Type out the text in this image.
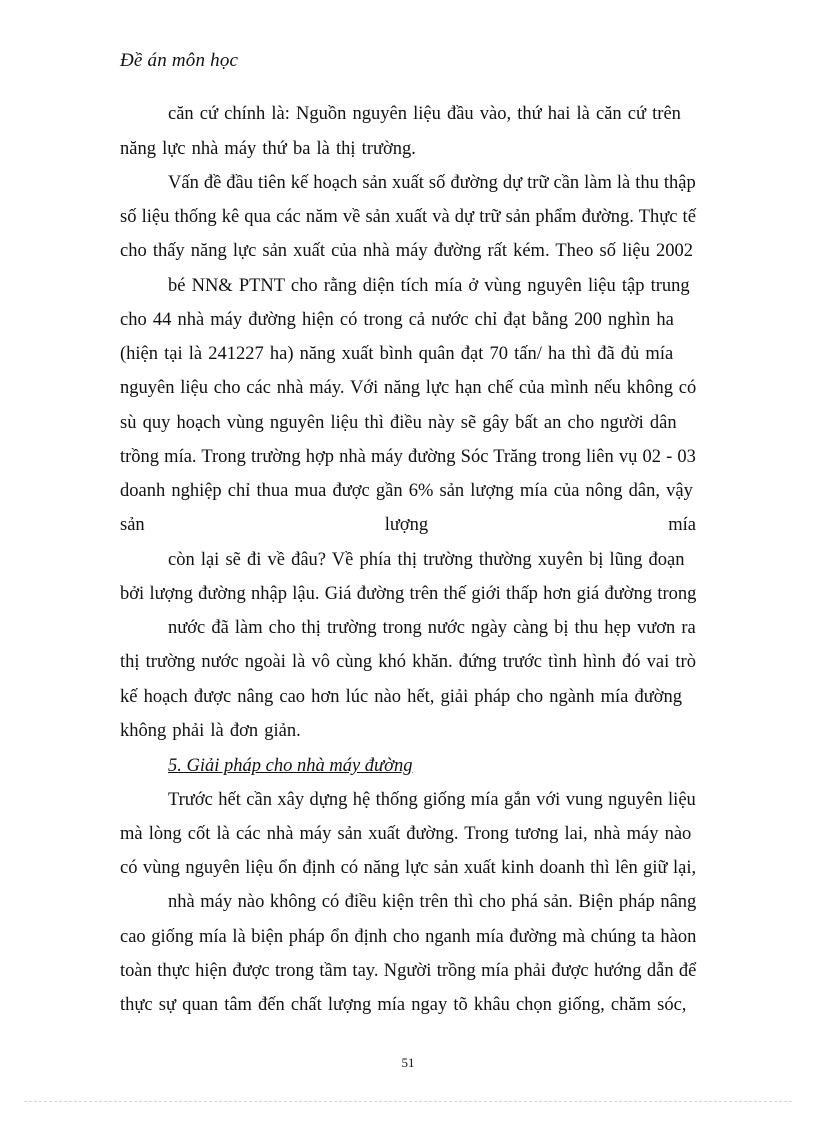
Đề án môn học
căn cứ chính là: Nguồn nguyên liệu đầu vào, thứ hai là căn cứ trên
năng lực nhà máy thứ ba là thị trường.
Vấn đề đầu tiên kế hoạch sản xuất số đường dự trữ cần làm là thu thập
số liệu thống kê qua các năm về sản xuất và dự trữ sản phẩm đường. Thực tế
cho thấy năng lực sản xuất của nhà máy đường rất kém. Theo số liệu 2002
bé NN& PTNT cho rằng diện tích mía ở vùng nguyên liệu tập trung
cho 44 nhà máy đường hiện có trong cả nước chỉ đạt bằng 200 nghìn ha
(hiện tại là 241227 ha) năng xuất bình quân đạt 70 tấn/ ha thì đã đủ mía
nguyên liệu cho các nhà máy. Với năng lực hạn chế của mình nếu không có
sù quy hoạch vùng nguyên liệu thì điều này sẽ gây bất an cho người dân
trồng mía. Trong trường hợp nhà máy đường Sóc Trăng trong liên vụ 02 - 03
doanh nghiệp chỉ thua mua được gần 6% sản lượng mía của nông dân, vậy
sản	lượng	mía
còn lại sẽ đi về đâu? Về phía thị trường thường xuyên bị lũng đoạn
bởi lượng đường nhập lậu. Giá đường trên thế giới thấp hơn giá đường trong
nước đã làm cho thị trường trong nước ngày càng bị thu hẹp vươn ra
thị trường nước ngoài là vô cùng khó khăn. đứng trước tình hình đó vai trò
kế hoạch được nâng cao hơn lúc nào hết, giải pháp cho ngành mía đường
không phải là đơn giản.
5. Giải pháp cho nhà máy đường
Trước hết cần xây dựng hệ thống giống mía gắn với vung nguyên liệu
mà lòng cốt là các nhà máy sản xuất đường. Trong tương lai, nhà máy nào
có vùng nguyên liệu ổn định có năng lực sản xuất kinh doanh thì lên giữ lại,
nhà máy nào không có điều kiện trên thì cho phá sản. Biện pháp nâng
cao giống mía là biện pháp ổn định cho nganh mía đường mà chúng ta hàon
toàn thực hiện được trong tầm tay. Người trồng mía phải được hướng dẫn để
thực sự quan tâm đến chất lượng mía ngay tõ khâu chọn giống, chăm sóc,
51
